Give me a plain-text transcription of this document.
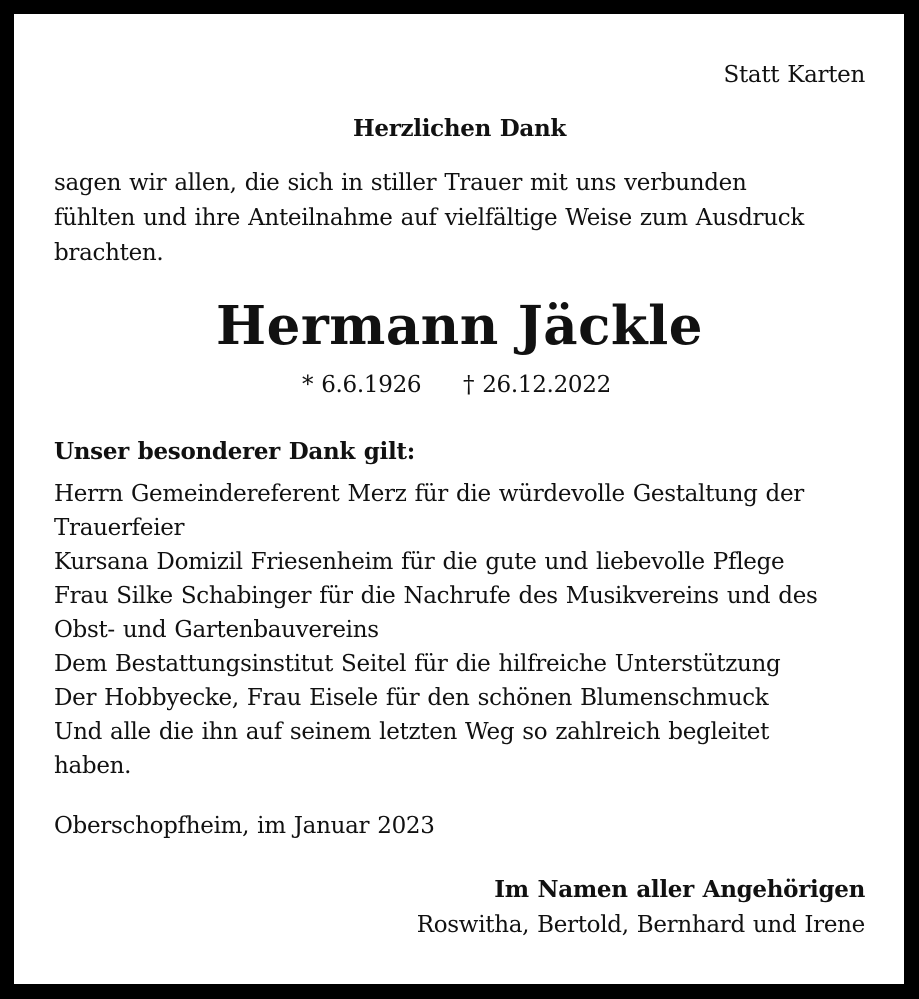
Statt Karten

Herzlichen Dank

sagen wir allen, die sich in stiller Trauer mit uns verbunden

fühlten und ihre Anteilnahme auf vielfältige Weise zum Ausdruck

brachten.

Hermann Jäckle

* 6.6.1926 † 26.12.2022

Unser besonderer Dank gilt:

Herrn Gemeindereferent Merz für die würdevolle Gestaltung der

Trauerfeier

Kursana Domizil Friesenheim für die gute und liebevolle Pflege

Frau Silke Schabinger für die Nachrufe des Musikvereins und des

Obst- und Gartenbauvereins

Dem Bestattungsinstitut Seitel für die hilfreiche Unterstützung

Der Hobbyecke, Frau Eisele für den schönen Blumenschmuck

Und alle die ihn auf seinem letzten Weg so zahlreich begleitet

haben.

Oberschopfheim, im Januar 2023

Im Namen aller Angehörigen

Roswitha, Bertold, Bernhard und Irene
